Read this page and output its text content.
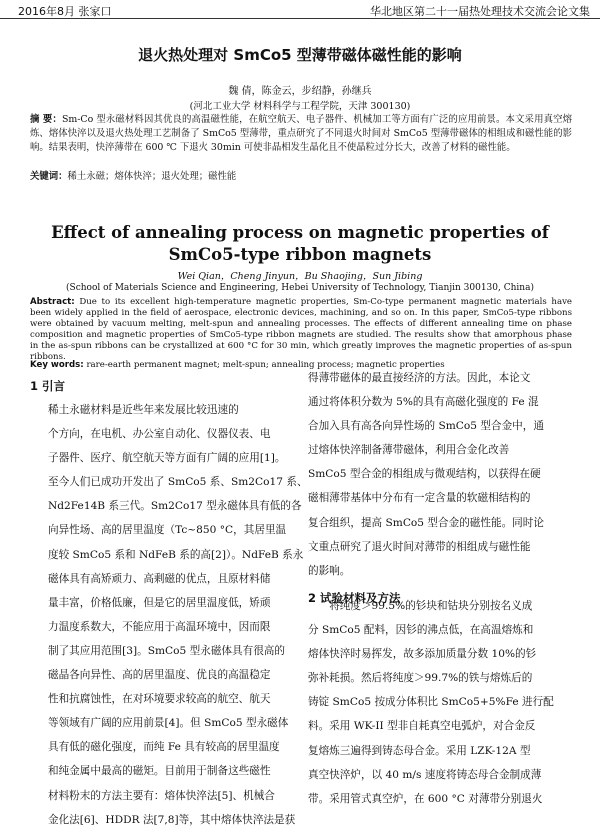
2016年8月 张家口	华北地区第二十一届热处理技术交流会论文集
退火热处理对 SmCo5 型薄带磁体磁性能的影响
魏 倩，陈金云，步绍静，孙继兵
(河北工业大学 材料科学与工程学院，天津 300130)
摘 要：Sm-Co 型永磁材料因其优良的高温磁性能，在航空航天、电子器件、机械加工等方面有广泛的应用前景。本文采用真空熔炼、熔体快淬以及退火热处理工艺制备了 SmCo5 型薄带，重点研究了不同退火时间对 SmCo5 型薄带磁体的相组成和磁性能的影响。结果表明，快淬薄带在 600 ℃ 下退火 30min 可使非晶相发生晶化且不使晶粒过分长大，改善了材料的磁性能。
关键词：稀土永磁；熔体快淬；退火处理；磁性能
Effect of annealing process on magnetic properties of SmCo5-type ribbon magnets
Wei Qian，Cheng Jinyun，Bu Shaojing，Sun Jibing
(School of Materials Science and Engineering, Hebei University of Technology, Tianjin 300130, China)
Abstract: Due to its excellent high-temperature magnetic properties, Sm-Co-type permanent magnetic materials have been widely applied in the field of aerospace, electronic devices, machining, and so on. In this paper, SmCo5-type ribbons were obtained by vacuum melting, melt-spun and annealing processes. The effects of different annealing time on phase composition and magnetic properties of SmCo5-type ribbon magnets are studied. The results show that amorphous phase in the as-spun ribbons can be crystallized at 600 °C for 30 min, which greatly improves the magnetic properties of as-spun ribbons.
Key words: rare-earth permanent magnet; melt-spun; annealing process; magnetic properties
1 引言

稀土永磁材料是近些年来发展比较迅速的

个方向，在电机、办公室自动化、仪器仪表、电

子器件、医疗、航空航天等方面有广阔的应用[1]。

至今人们已成功开发出了 SmCo5 系、Sm2Co17 系、

Nd2Fe14B 系三代。Sm2Co17 型永磁体具有低的各

向异性场、高的居里温度（Tc~850 °C，其居里温

度较 SmCo5 系和 NdFeB 系的高[2]）。NdFeB 系永

磁体具有高矫顽力、高剩磁的优点，且原材料储

量丰富，价格低廉，但是它的居里温度低，矫顽

力温度系数大，不能应用于高温环境中，因而限

制了其应用范围[3]。SmCo5 型永磁体具有很高的

磁晶各向异性、高的居里温度、优良的高温稳定

性和抗腐蚀性，在对环境要求较高的航空、航天

等领域有广阔的应用前景[4]。但 SmCo5 型永磁体

具有低的磁化强度，而纯 Fe 具有较高的居里温度

和纯金属中最高的磁矩。目前用于制备这些磁性

材料粉末的方法主要有：熔体快淬法[5]、机械合

金化法[6]、HDDR 法[7,8]等，其中熔体快淬法是获

得薄带磁体的最直接经济的方法。因此，本论文

通过将体积分数为 5%的具有高磁化强度的 Fe 混

合加入具有高各向异性场的 SmCo5 型合金中，通

过熔体快淬制备薄带磁体，利用合金化改善

SmCo5 型合金的相组成与微观结构，以获得在硬

磁相薄带基体中分布有一定含量的软磁相结构的

复合组织，提高 SmCo5 型合金的磁性能。同时论

文重点研究了退火时间对薄带的相组成与磁性能

的影响。

2 试验材料及方法

将纯度＞99.5%的钐块和钴块分别按名义成

分 SmCo5 配料，因钐的沸点低，在高温熔炼和

熔体快淬时易挥发，故多添加质量分数 10%的钐

弥补耗损。然后将纯度＞99.7%的铁与熔炼后的

铸锭 SmCo5 按成分体积比 SmCo5+5%Fe 进行配

料。采用 WK-II 型非自耗真空电弧炉，对合金反

复熔炼三遍得到铸态母合金。采用 LZK-12A 型

真空快淬炉，以 40 m/s 速度将铸态母合金制成薄

带。采用管式真空炉，在 600 °C 对薄带分别退火
